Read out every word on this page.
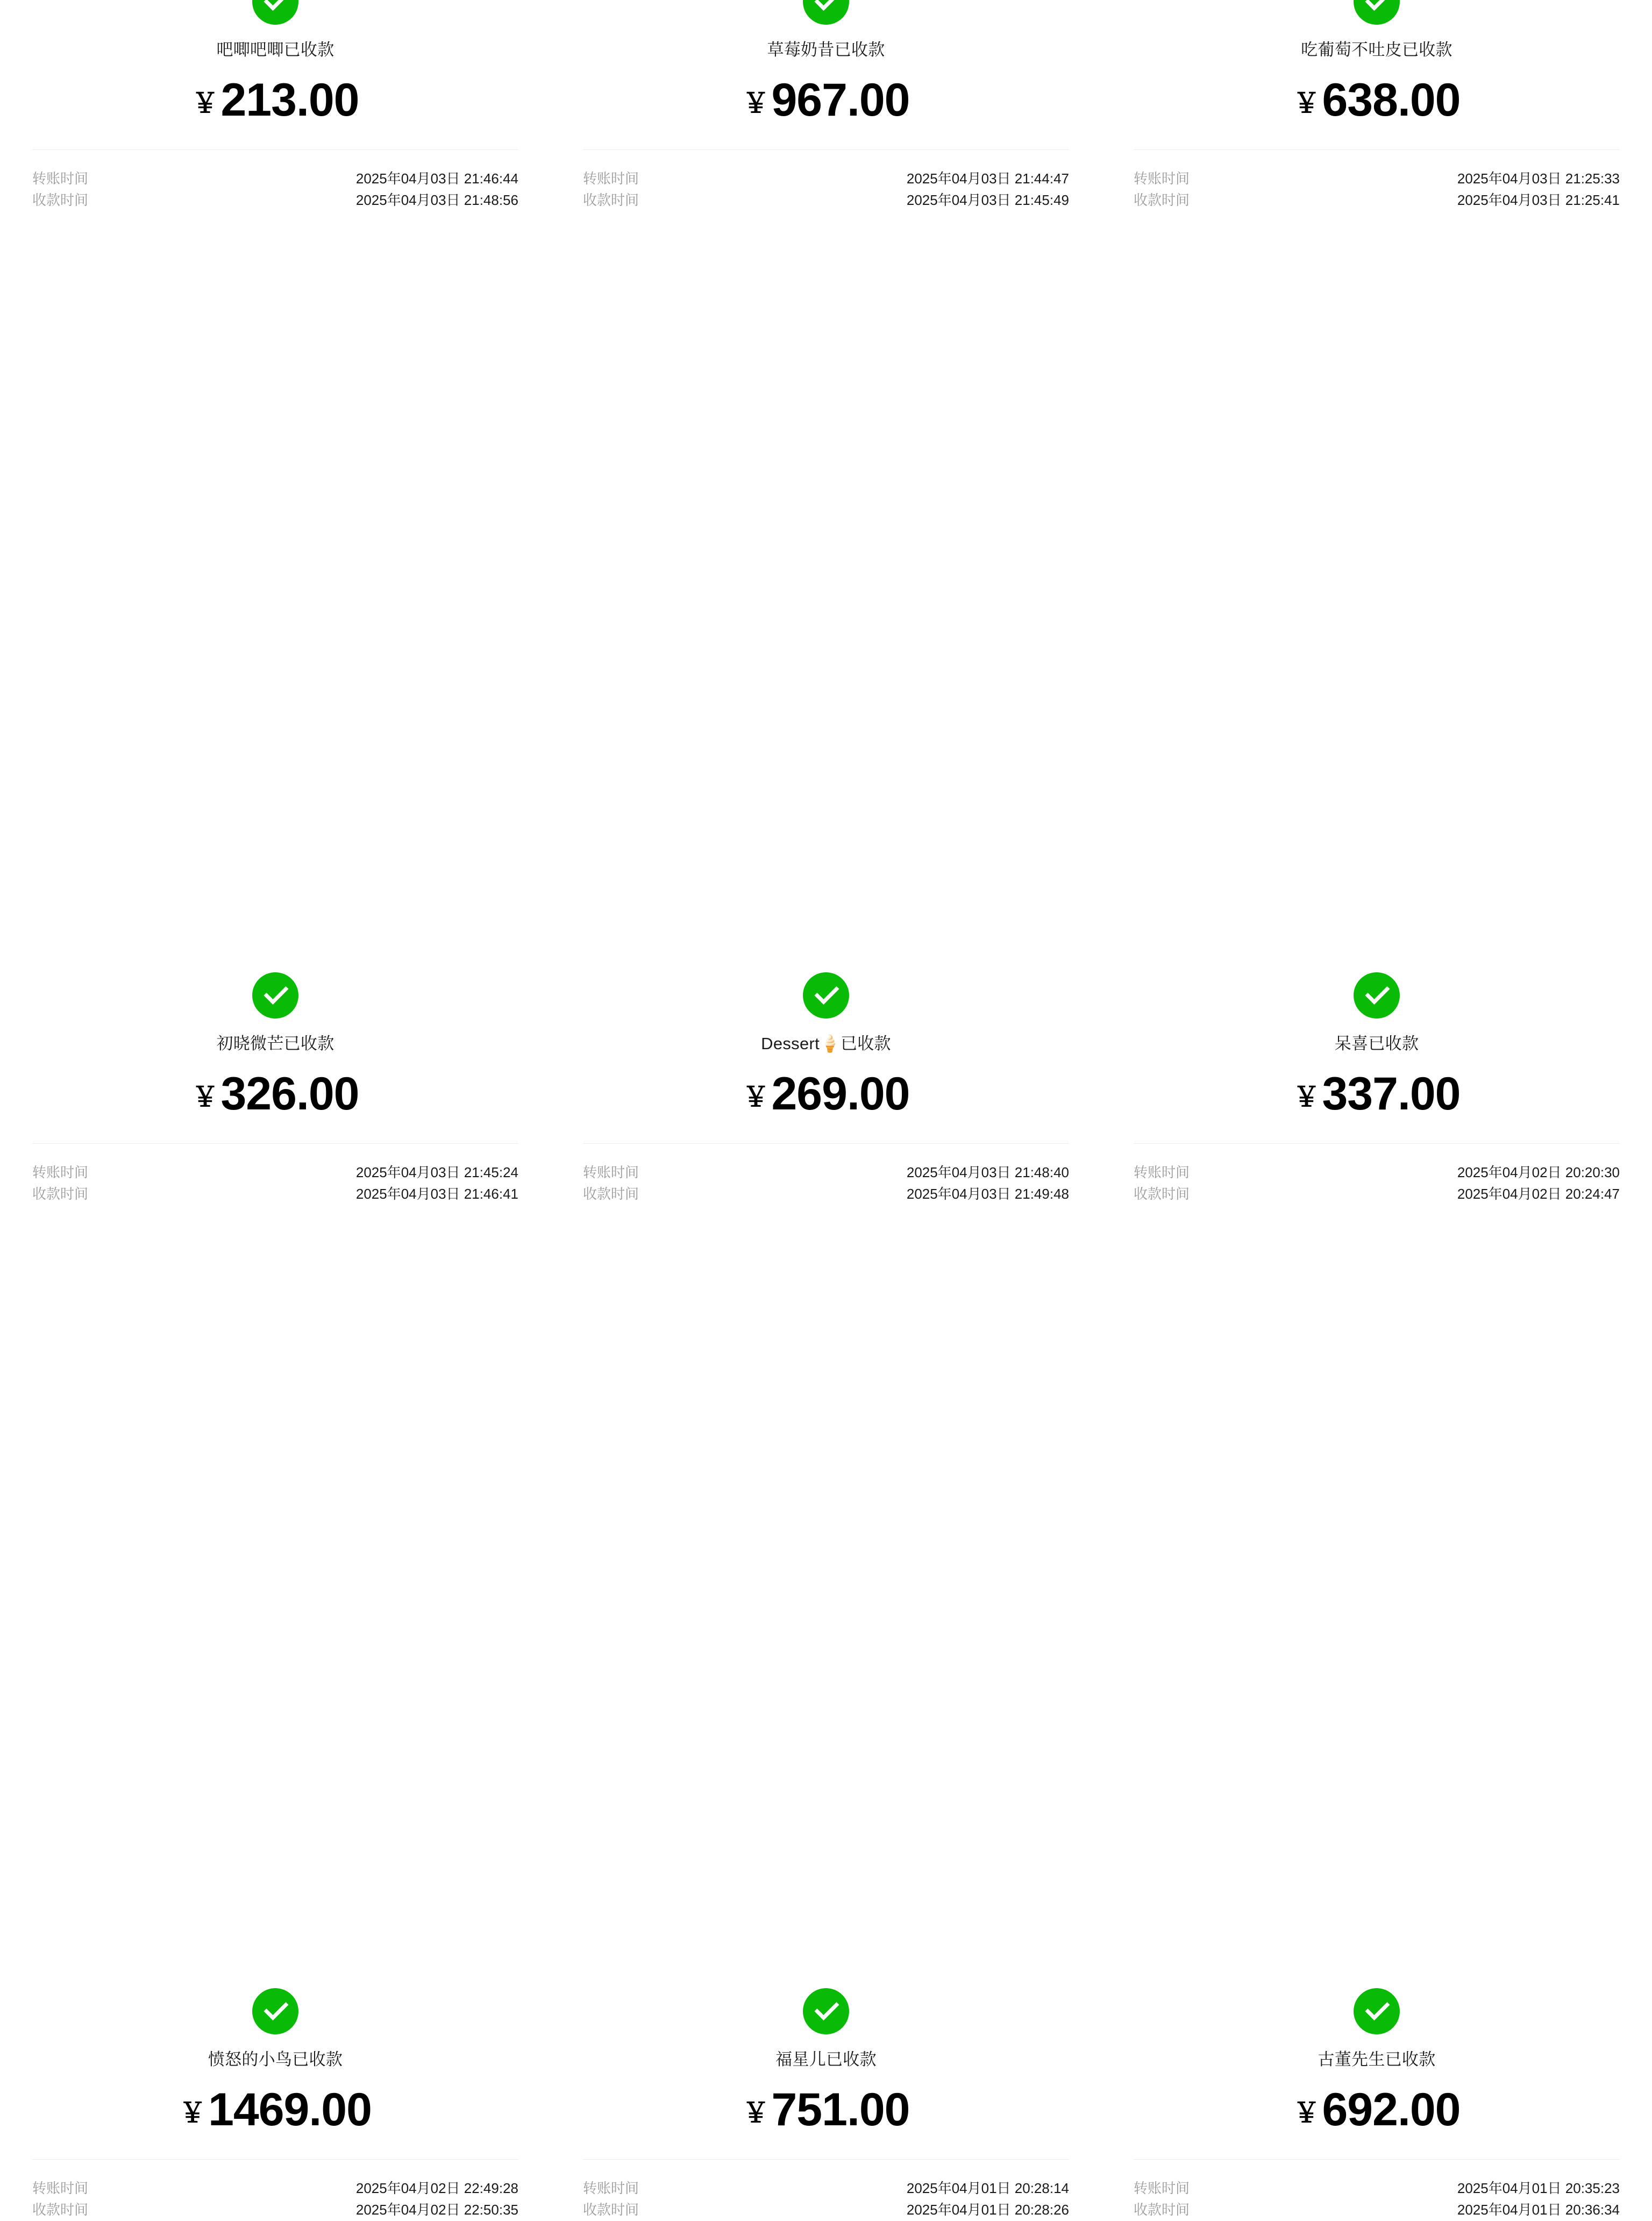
吧唧吧唧已收款
￥213.00
转账时间	2025年04月03日 21:46:44
收款时间	2025年04月03日 21:48:56
草莓奶昔已收款
￥967.00
转账时间	2025年04月03日 21:44:47
收款时间	2025年04月03日 21:45:49
吃葡萄不吐皮已收款
￥638.00
转账时间	2025年04月03日 21:25:33
收款时间	2025年04月03日 21:25:41
初晓微芒已收款
￥326.00
转账时间	2025年04月03日 21:45:24
收款时间	2025年04月03日 21:46:41
Dessert🍦已收款
￥269.00
转账时间	2025年04月03日 21:48:40
收款时间	2025年04月03日 21:49:48
呆喜已收款
￥337.00
转账时间	2025年04月02日 20:20:30
收款时间	2025年04月02日 20:24:47
愤怒的小鸟已收款
￥1469.00
转账时间	2025年04月02日 22:49:28
收款时间	2025年04月02日 22:50:35
福星儿已收款
￥751.00
转账时间	2025年04月01日 20:28:14
收款时间	2025年04月01日 20:28:26
古董先生已收款
￥692.00
转账时间	2025年04月01日 20:35:23
收款时间	2025年04月01日 20:36:34
